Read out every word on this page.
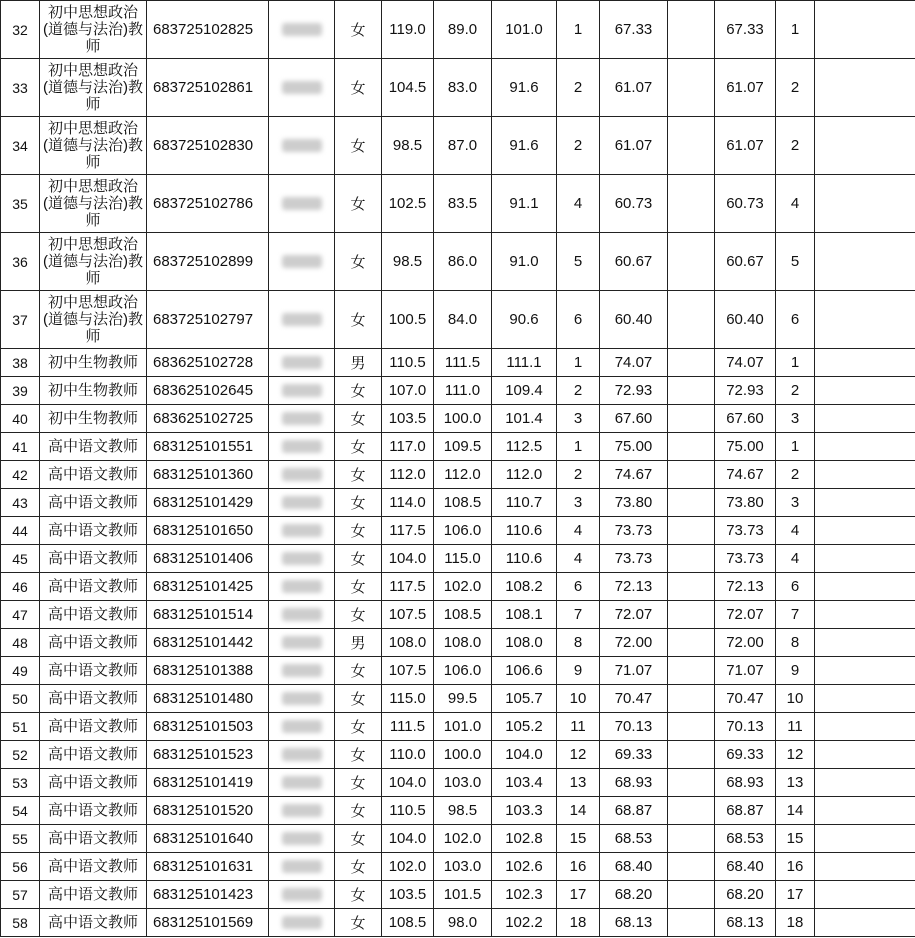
32	初中思想政治(道德与法治)教师	683725102825		女	119.0	89.0	101.0	1	67.33		67.33	1	
33	初中思想政治(道德与法治)教师	683725102861		女	104.5	83.0	91.6	2	61.07		61.07	2	
34	初中思想政治(道德与法治)教师	683725102830		女	98.5	87.0	91.6	2	61.07		61.07	2	
35	初中思想政治(道德与法治)教师	683725102786		女	102.5	83.5	91.1	4	60.73		60.73	4	
36	初中思想政治(道德与法治)教师	683725102899		女	98.5	86.0	91.0	5	60.67		60.67	5	
37	初中思想政治(道德与法治)教师	683725102797		女	100.5	84.0	90.6	6	60.40		60.40	6	
38	初中生物教师	683625102728		男	110.5	111.5	111.1	1	74.07		74.07	1	
39	初中生物教师	683625102645		女	107.0	111.0	109.4	2	72.93		72.93	2	
40	初中生物教师	683625102725		女	103.5	100.0	101.4	3	67.60		67.60	3	
41	高中语文教师	683125101551		女	117.0	109.5	112.5	1	75.00		75.00	1	
42	高中语文教师	683125101360		女	112.0	112.0	112.0	2	74.67		74.67	2	
43	高中语文教师	683125101429		女	114.0	108.5	110.7	3	73.80		73.80	3	
44	高中语文教师	683125101650		女	117.5	106.0	110.6	4	73.73		73.73	4	
45	高中语文教师	683125101406		女	104.0	115.0	110.6	4	73.73		73.73	4	
46	高中语文教师	683125101425		女	117.5	102.0	108.2	6	72.13		72.13	6	
47	高中语文教师	683125101514		女	107.5	108.5	108.1	7	72.07		72.07	7	
48	高中语文教师	683125101442		男	108.0	108.0	108.0	8	72.00		72.00	8	
49	高中语文教师	683125101388		女	107.5	106.0	106.6	9	71.07		71.07	9	
50	高中语文教师	683125101480		女	115.0	99.5	105.7	10	70.47		70.47	10	
51	高中语文教师	683125101503		女	111.5	101.0	105.2	11	70.13		70.13	11	
52	高中语文教师	683125101523		女	110.0	100.0	104.0	12	69.33		69.33	12	
53	高中语文教师	683125101419		女	104.0	103.0	103.4	13	68.93		68.93	13	
54	高中语文教师	683125101520		女	110.5	98.5	103.3	14	68.87		68.87	14	
55	高中语文教师	683125101640		女	104.0	102.0	102.8	15	68.53		68.53	15	
56	高中语文教师	683125101631		女	102.0	103.0	102.6	16	68.40		68.40	16	
57	高中语文教师	683125101423		女	103.5	101.5	102.3	17	68.20		68.20	17	
58	高中语文教师	683125101569		女	108.5	98.0	102.2	18	68.13		68.13	18	
